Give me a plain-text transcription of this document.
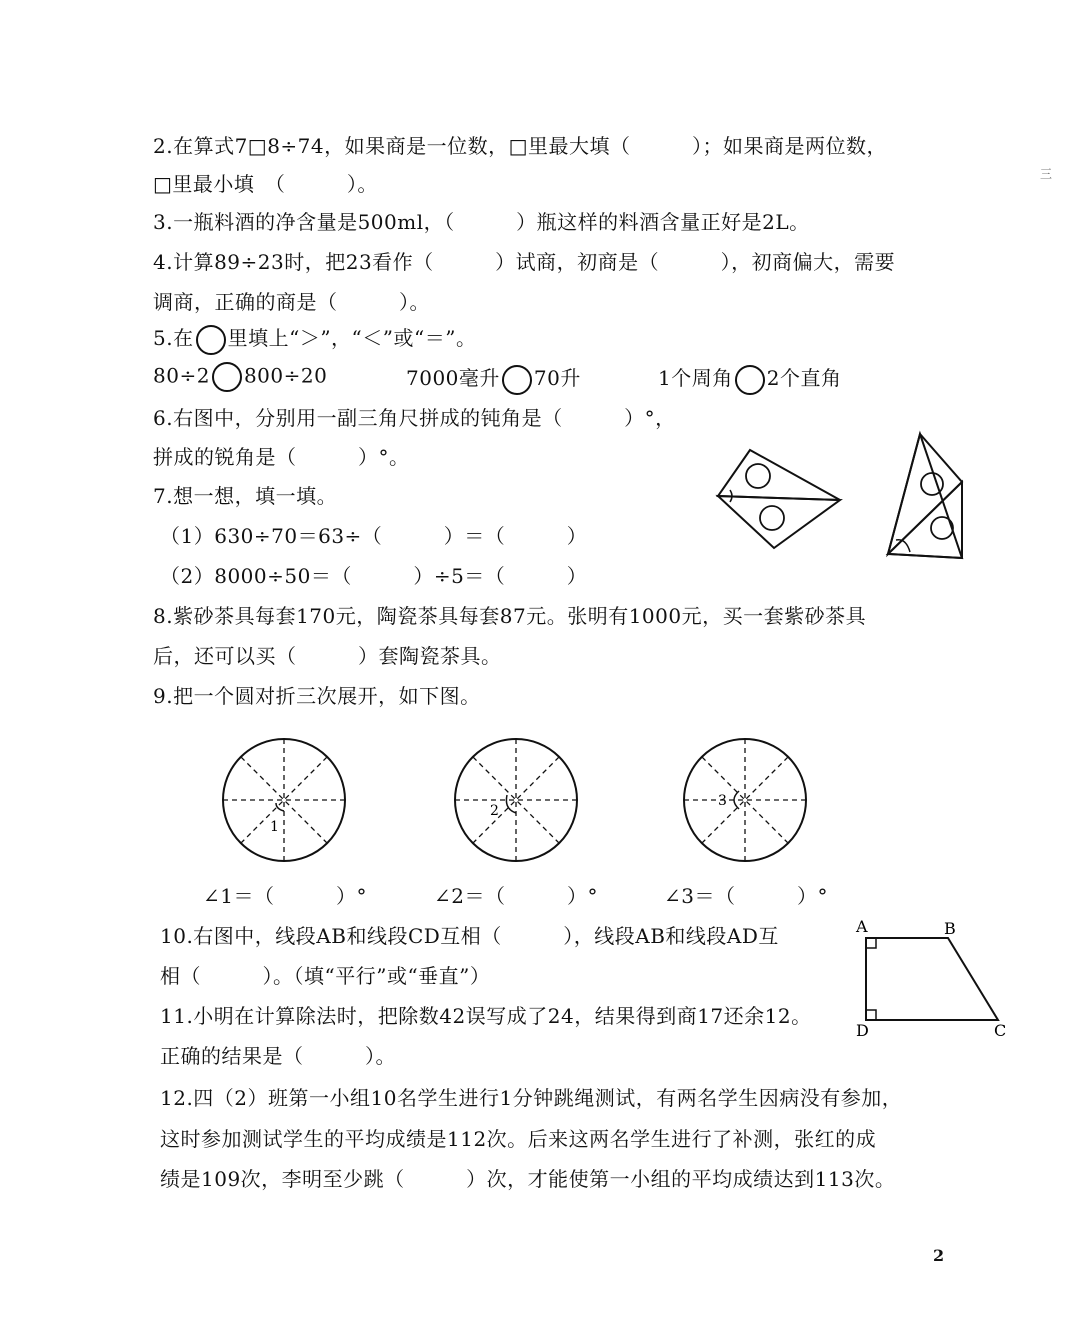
2.在算式7□8÷74，如果商是一位数，□里最大填（　　　）；如果商是两位数，
□里最小填　（　　　）。
3.一瓶料酒的净含量是500ml，（　　　）瓶这样的料酒含量正好是2L。
4.计算89÷23时，把23看作（　　　）试商，初商是（　　　），初商偏大，需要
调商，正确的商是（　　　）。
5.在 里填上“＞”，“＜”或“＝”。
80÷2 800÷20	7000毫升 70升	1个周角 2个直角
6.右图中，分别用一副三角尺拼成的钝角是（　　　）°，
拼成的锐角是（　　　）°。
7.想一想，填一填。
（1）630÷70＝63÷（　　　）＝（　　　）
（2）8000÷50＝（　　　）÷5＝（　　　）
8.紫砂茶具每套170元，陶瓷茶具每套87元。张明有1000元，买一套紫砂茶具
后，还可以买（　　　）套陶瓷茶具。
9.把一个圆对折三次展开，如下图。
1
2
3
∠1＝（　　　）°	∠2＝（　　　）°	∠3＝（　　　）°
10.右图中，线段AB和线段CD互相（　　　），线段AB和线段AD互
相（　　　）。（填“平行”或“垂直”）
A	B
C
D
11.小明在计算除法时，把除数42误写成了24，结果得到商17还余12。
正确的结果是（　　　）。
12.四（2）班第一小组10名学生进行1分钟跳绳测试，有两名学生因病没有参加，
这时参加测试学生的平均成绩是112次。后来这两名学生进行了补测，张红的成
绩是109次，李明至少跳（　　　）次，才能使第一小组的平均成绩达到113次。
三
2
